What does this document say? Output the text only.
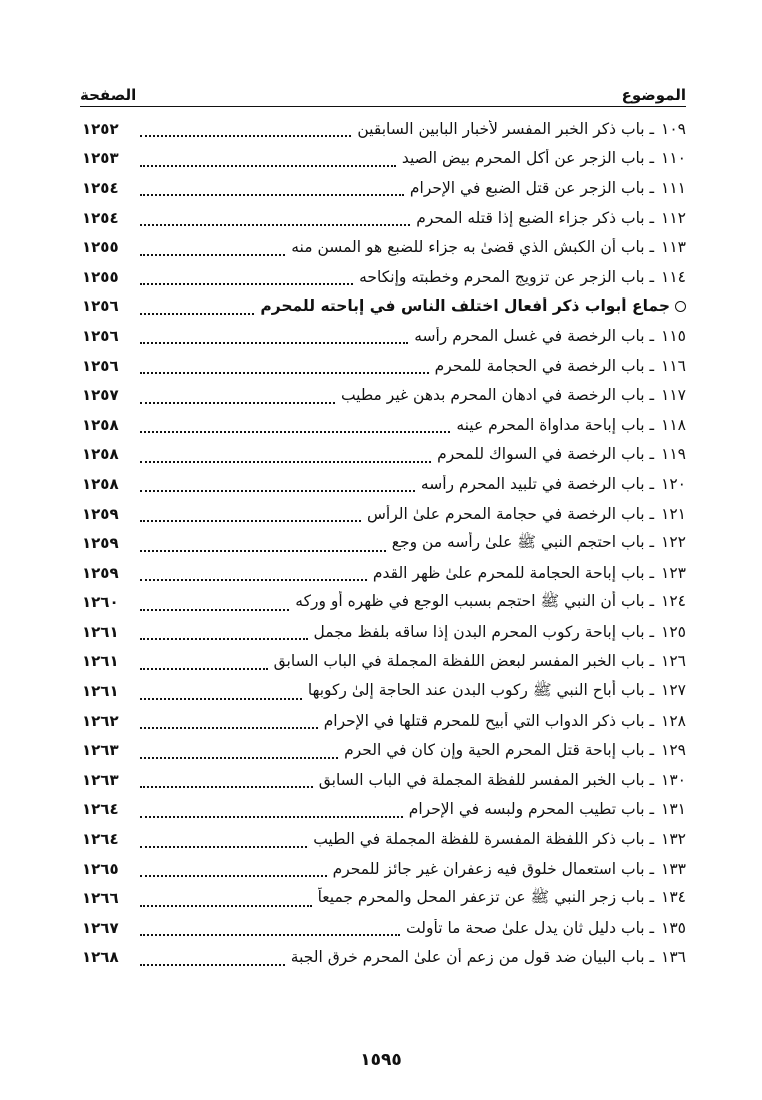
الموضوع
الصفحة
١٠٩ ـ باب ذكر الخبر المفسر لأخبار البابين السابقين
١٢٥٢
١١٠ ـ باب الزجر عن أكل المحرم بيض الصيد
١٢٥٣
١١١ ـ باب الزجر عن قتل الضبع في الإحرام
١٢٥٤
١١٢ ـ باب ذكر جزاء الضبع إذا قتله المحرم
١٢٥٤
١١٣ ـ باب أن الكبش الذي قضىٰ به جزاء للضبع هو المسن منه
١٢٥٥
١١٤ ـ باب الزجر عن تزويج المحرم وخطبته وإنكاحه
١٢٥٥
جماع أبواب ذكر أفعال اختلف الناس في إباحته للمحرم
١٢٥٦
١١٥ ـ باب الرخصة في غسل المحرم رأسه
١٢٥٦
١١٦ ـ باب الرخصة في الحجامة للمحرم
١٢٥٦
١١٧ ـ باب الرخصة في ادهان المحرم بدهن غير مطيب
١٢٥٧
١١٨ ـ باب إباحة مداواة المحرم عينه
١٢٥٨
١١٩ ـ باب الرخصة في السواك للمحرم
١٢٥٨
١٢٠ ـ باب الرخصة في تلبيد المحرم رأسه
١٢٥٨
١٢١ ـ باب الرخصة في حجامة المحرم علىٰ الرأس
١٢٥٩
١٢٢ ـ باب احتجم النبي ﷺ علىٰ رأسه من وجع
١٢٥٩
١٢٣ ـ باب إباحة الحجامة للمحرم علىٰ ظهر القدم
١٢٥٩
١٢٤ ـ باب أن النبي ﷺ احتجم بسبب الوجع في ظهره أو وركه
١٢٦٠
١٢٥ ـ باب إباحة ركوب المحرم البدن إذا ساقه بلفظ مجمل
١٢٦١
١٢٦ ـ باب الخبر المفسر لبعض اللفظة المجملة في الباب السابق
١٢٦١
١٢٧ ـ باب أباح النبي ﷺ ركوب البدن عند الحاجة إلىٰ ركوبها
١٢٦١
١٢٨ ـ باب ذكر الدواب التي أبيح للمحرم قتلها في الإحرام
١٢٦٢
١٢٩ ـ باب إباحة قتل المحرم الحية وإن كان في الحرم
١٢٦٣
١٣٠ ـ باب الخبر المفسر للفظة المجملة في الباب السابق
١٢٦٣
١٣١ ـ باب تطيب المحرم ولبسه في الإحرام
١٢٦٤
١٣٢ ـ باب ذكر اللفظة المفسرة للفظة المجملة في الطيب
١٢٦٤
١٣٣ ـ باب استعمال خلوق فيه زعفران غير جائز للمحرم
١٢٦٥
١٣٤ ـ باب زجر النبي ﷺ عن تزعفر المحل والمحرم جميعاً
١٢٦٦
١٣٥ ـ باب دليل ثانٍ يدل علىٰ صحة ما تأولت
١٢٦٧
١٣٦ ـ باب البيان ضد قول من زعم أن علىٰ المحرم خرق الجبة
١٢٦٨
١٥٩٥
